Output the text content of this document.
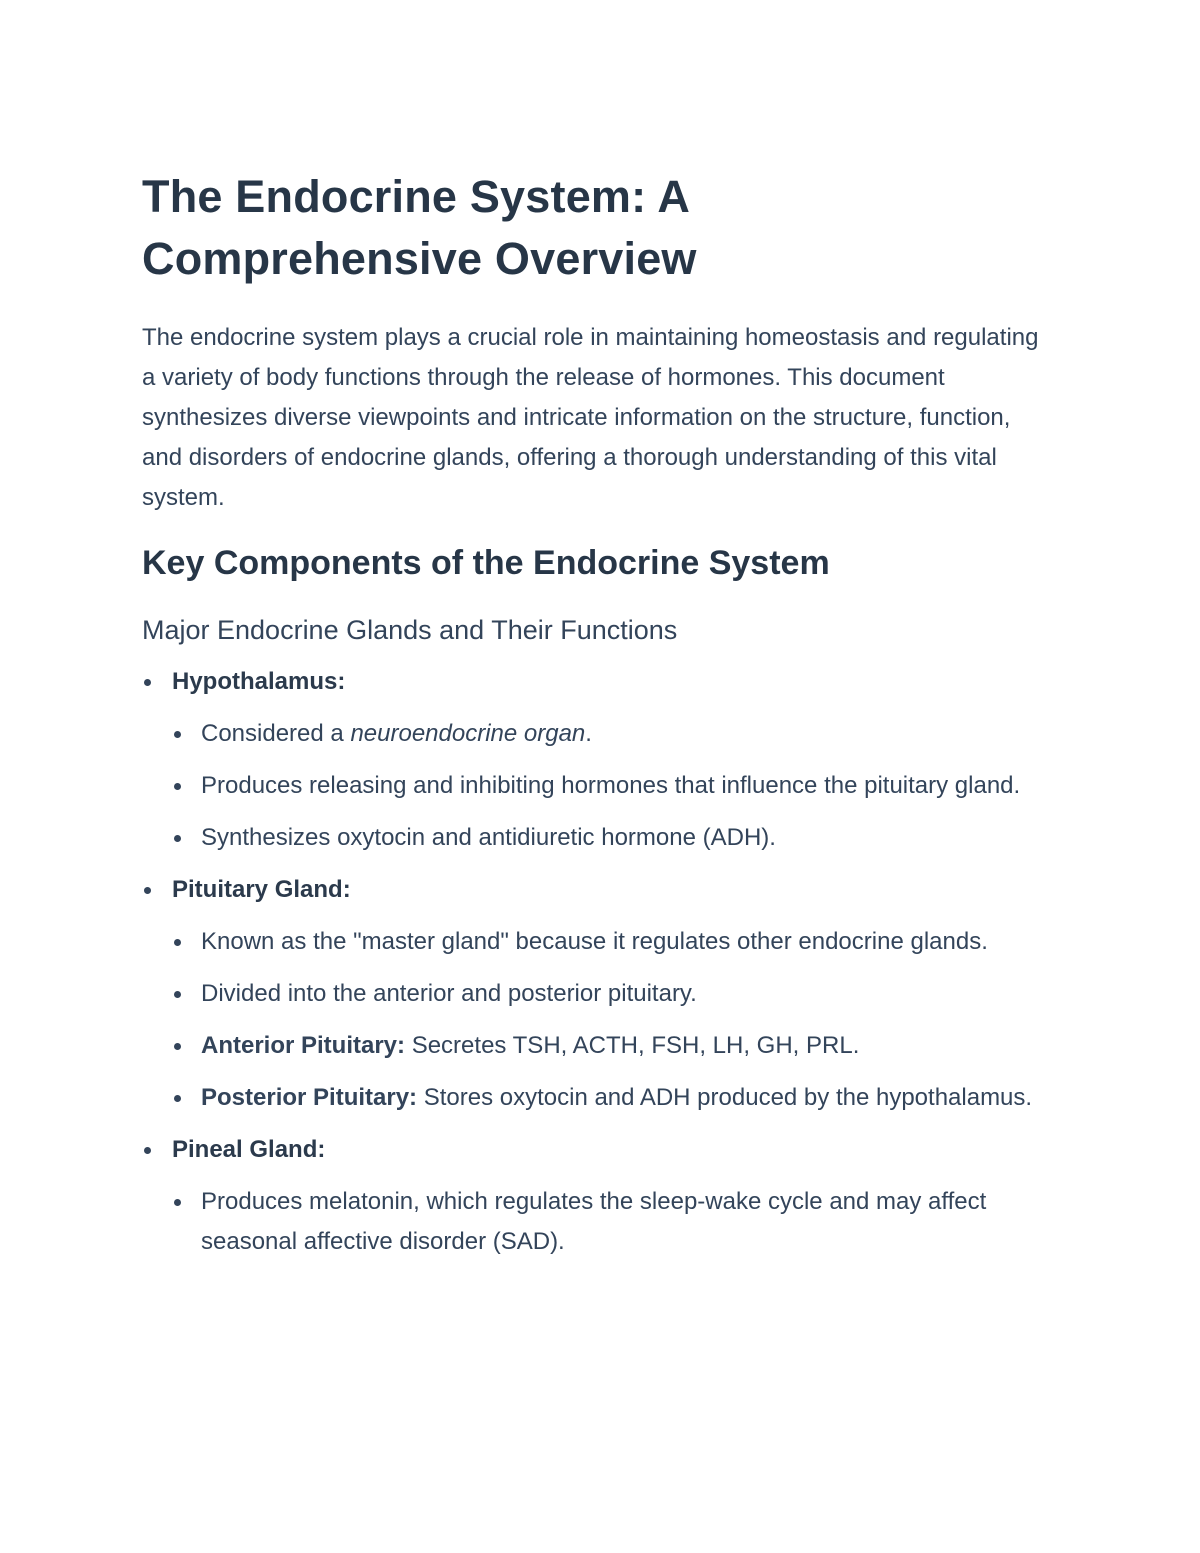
The Endocrine System: A
Comprehensive Overview

The endocrine system plays a crucial role in maintaining homeostasis and regulating a variety of body functions through the release of hormones. This document synthesizes diverse viewpoints and intricate information on the structure, function, and disorders of endocrine glands, offering a thorough understanding of this vital system.

Key Components of the Endocrine System
Major Endocrine Glands and Their Functions
Hypothalamus:
Considered a neuroendocrine organ.
Produces releasing and inhibiting hormones that influence the pituitary gland.
Synthesizes oxytocin and antidiuretic hormone (ADH).
Pituitary Gland:
Known as the "master gland" because it regulates other endocrine glands.
Divided into the anterior and posterior pituitary.
Anterior Pituitary: Secretes TSH, ACTH, FSH, LH, GH, PRL.
Posterior Pituitary: Stores oxytocin and ADH produced by the hypothalamus.
Pineal Gland:
Produces melatonin, which regulates the sleep-wake cycle and may affect seasonal affective disorder (SAD).
